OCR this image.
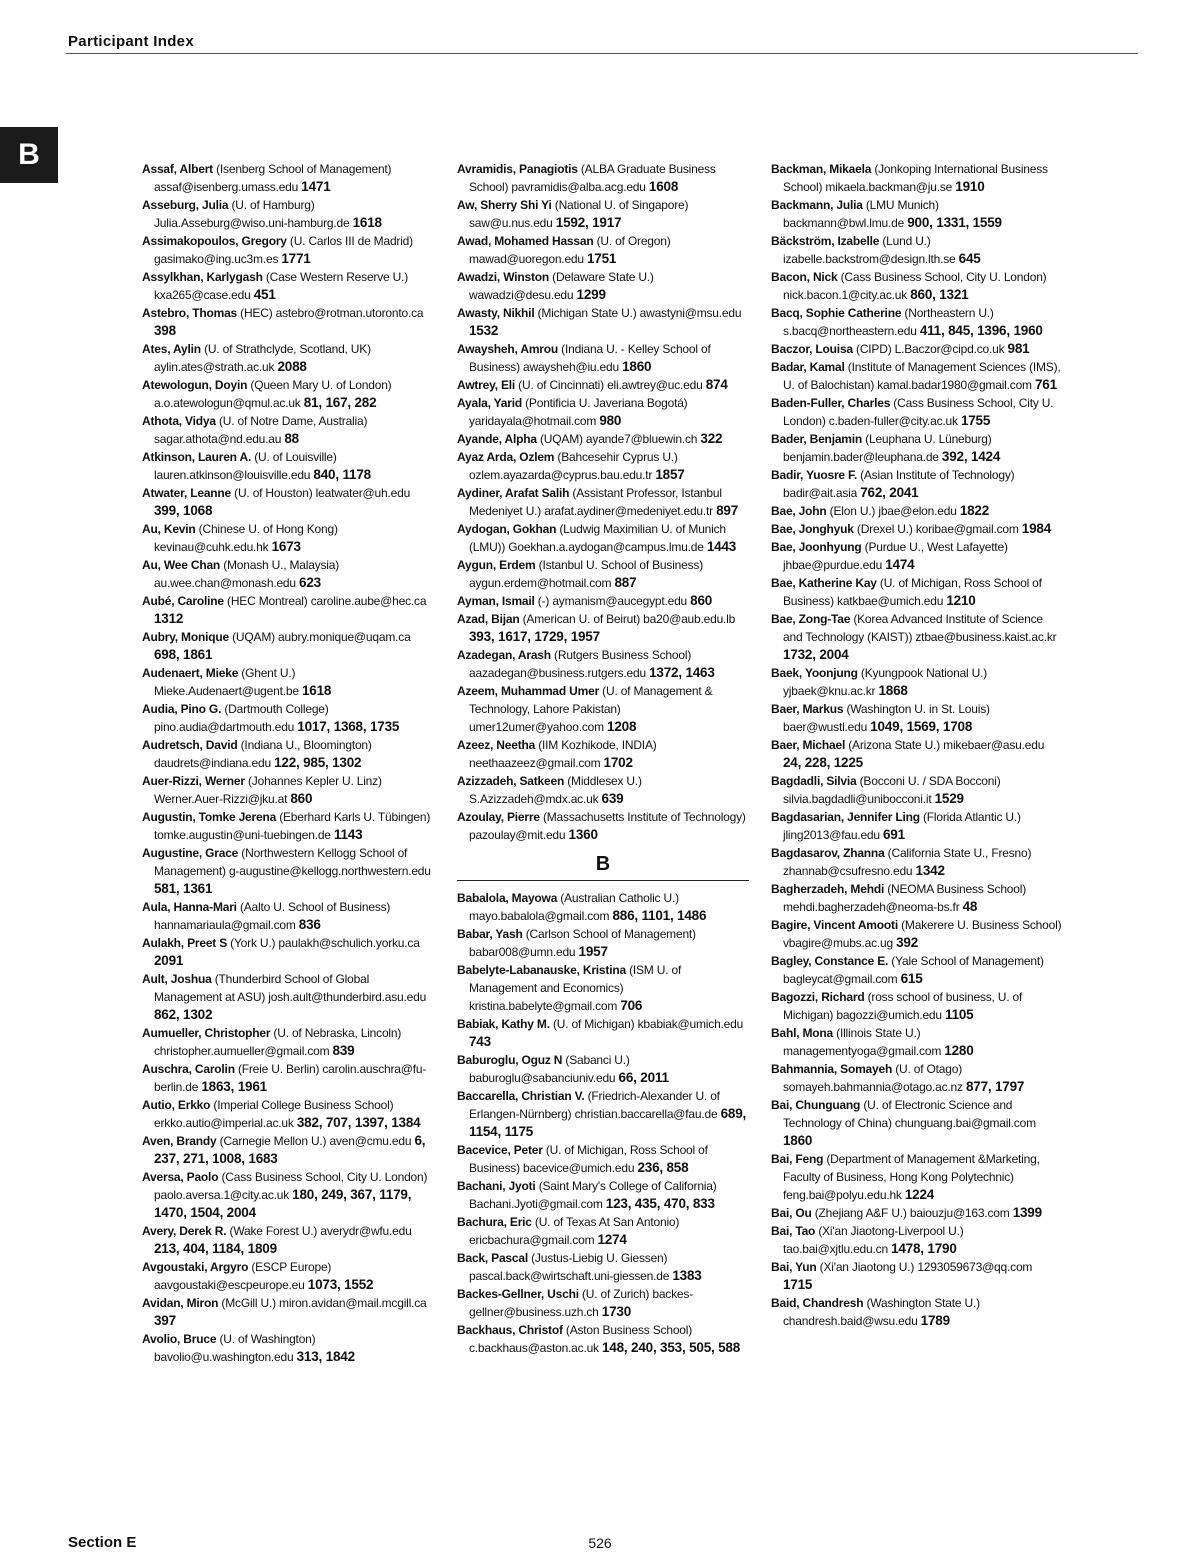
Participant Index
B	Assaf, Albert (Isenberg School of Management) assaf@isenberg.umass.edu 1471
Asseburg, Julia (U. of Hamburg) Julia.Asseburg@wiso.uni-hamburg.de 1618
Assimakopoulos, Gregory (U. Carlos III de Madrid) gasimako@ing.uc3m.es 1771
Assylkhan, Karlygash (Case Western Reserve U.) kxa265@case.edu 451
Astebro, Thomas (HEC) astebro@rotman.utoronto.ca 398
Ates, Aylin (U. of Strathclyde, Scotland, UK) aylin.ates@strath.ac.uk 2088
Atewologun, Doyin (Queen Mary U. of London) a.o.atewologun@qmul.ac.uk 81, 167, 282
Athota, Vidya (U. of Notre Dame, Australia) sagar.athota@nd.edu.au 88
Atkinson, Lauren A. (U. of Louisville) lauren.atkinson@louisville.edu 840, 1178
Atwater, Leanne (U. of Houston) leatwater@uh.edu 399, 1068
Au, Kevin (Chinese U. of Hong Kong) kevinau@cuhk.edu.hk 1673
Au, Wee Chan (Monash U., Malaysia) au.wee.chan@monash.edu 623
Aubé, Caroline (HEC Montreal) caroline.aube@hec.ca 1312
Aubry, Monique (UQAM) aubry.monique@uqam.ca 698, 1861
Audenaert, Mieke (Ghent U.) Mieke.Audenaert@ugent.be 1618
Audia, Pino G. (Dartmouth College) pino.audia@dartmouth.edu 1017, 1368, 1735
Audretsch, David (Indiana U., Bloomington) daudrets@indiana.edu 122, 985, 1302
Auer-Rizzi, Werner (Johannes Kepler U. Linz) Werner.Auer-Rizzi@jku.at 860
Augustin, Tomke Jerena (Eberhard Karls U. Tübingen) tomke.augustin@uni-tuebingen.de 1143
Augustine, Grace (Northwestern Kellogg School of Management) g-augustine@kellogg.northwestern.edu 581, 1361
Aula, Hanna-Mari (Aalto U. School of Business) hannamariaula@gmail.com 836
Aulakh, Preet S (York U.) paulakh@schulich.yorku.ca 2091
Ault, Joshua (Thunderbird School of Global Management at ASU) josh.ault@thunderbird.asu.edu 862, 1302
Aumueller, Christopher (U. of Nebraska, Lincoln) christopher.aumueller@gmail.com 839
Auschra, Carolin (Freie U. Berlin) carolin.auschra@fu-berlin.de 1863, 1961
Autio, Erkko (Imperial College Business School) erkko.autio@imperial.ac.uk 382, 707, 1397, 1384
Aven, Brandy (Carnegie Mellon U.) aven@cmu.edu 6, 237, 271, 1008, 1683
Aversa, Paolo (Cass Business School, City U. London) paolo.aversa.1@city.ac.uk 180, 249, 367, 1179, 1470, 1504, 2004
Avery, Derek R. (Wake Forest U.) averydr@wfu.edu 213, 404, 1184, 1809
Avgoustaki, Argyro (ESCP Europe) aavgoustaki@escpeurope.eu 1073, 1552
Avidan, Miron (McGill U.) miron.avidan@mail.mcgill.ca 397
Avolio, Bruce (U. of Washington) bavolio@u.washington.edu 313, 1842
Avramidis, Panagiotis (ALBA Graduate Business School) pavramidis@alba.acg.edu 1608
Aw, Sherry Shi Yi (National U. of Singapore) saw@u.nus.edu 1592, 1917
Awad, Mohamed Hassan (U. of Oregon) mawad@uoregon.edu 1751
Awadzi, Winston (Delaware State U.) wawadzi@desu.edu 1299
Awasty, Nikhil (Michigan State U.) awastyni@msu.edu 1532
Awaysheh, Amrou (Indiana U. - Kelley School of Business) awaysheh@iu.edu 1860
Awtrey, Eli (U. of Cincinnati) eli.awtrey@uc.edu 874
Ayala, Yarid (Pontificia U. Javeriana Bogotá) yaridayala@hotmail.com 980
Ayande, Alpha (UQAM) ayande7@bluewin.ch 322
Ayaz Arda, Ozlem (Bahcesehir Cyprus U.) ozlem.ayazarda@cyprus.bau.edu.tr 1857
Aydiner, Arafat Salih (Assistant Professor, Istanbul Medeniyet U.) arafat.aydiner@medeniyet.edu.tr 897
Aydogan, Gokhan (Ludwig Maximilian U. of Munich (LMU)) Goekhan.a.aydogan@campus.lmu.de 1443
Aygun, Erdem (Istanbul U. School of Business) aygun.erdem@hotmail.com 887
Ayman, Ismail (-) aymanism@aucegypt.edu 860
Azad, Bijan (American U. of Beirut) ba20@aub.edu.lb 393, 1617, 1729, 1957
Azadegan, Arash (Rutgers Business School) aazadegan@business.rutgers.edu 1372, 1463
Azeem, Muhammad Umer (U. of Management & Technology, Lahore Pakistan) umer12umer@yahoo.com 1208
Azeez, Neetha (IIM Kozhikode, INDIA) neethaazeez@gmail.com 1702
Azizzadeh, Satkeen (Middlesex U.) S.Azizzadeh@mdx.ac.uk 639
Azoulay, Pierre (Massachusetts Institute of Technology) pazoulay@mit.edu 1360
B
Babalola, Mayowa (Australian Catholic U.) mayo.babalola@gmail.com 886, 1101, 1486
Babar, Yash (Carlson School of Management) babar008@umn.edu 1957
Babelyte-Labanauske, Kristina (ISM U. of Management and Economics) kristina.babelyte@gmail.com 706
Babiak, Kathy M. (U. of Michigan) kbabiak@umich.edu 743
Baburoglu, Oguz N (Sabanci U.) baburoglu@sabanciuniv.edu 66, 2011
Baccarella, Christian V. (Friedrich-Alexander U. of Erlangen-Nürnberg) christian.baccarella@fau.de 689, 1154, 1175
Bacevice, Peter (U. of Michigan, Ross School of Business) bacevice@umich.edu 236, 858
Bachani, Jyoti (Saint Mary's College of California) Bachani.Jyoti@gmail.com 123, 435, 470, 833
Bachura, Eric (U. of Texas At San Antonio) ericbachura@gmail.com 1274
Back, Pascal (Justus-Liebig U. Giessen) pascal.back@wirtschaft.uni-giessen.de 1383
Backes-Gellner, Uschi (U. of Zurich) backes-gellner@business.uzh.ch 1730
Backhaus, Christof (Aston Business School) c.backhaus@aston.ac.uk 148, 240, 353, 505, 588
Backman, Mikaela (Jonkoping International Business School) mikaela.backman@ju.se 1910
Backmann, Julia (LMU Munich) backmann@bwl.lmu.de 900, 1331, 1559
Bäckström, Izabelle (Lund U.) izabelle.backstrom@design.lth.se 645
Bacon, Nick (Cass Business School, City U. London) nick.bacon.1@city.ac.uk 860, 1321
Bacq, Sophie Catherine (Northeastern U.) s.bacq@northeastern.edu 411, 845, 1396, 1960
Baczor, Louisa (CIPD) L.Baczor@cipd.co.uk 981
Badar, Kamal (Institute of Management Sciences (IMS), U. of Balochistan) kamal.badar1980@gmail.com 761
Baden-Fuller, Charles (Cass Business School, City U. London) c.baden-fuller@city.ac.uk 1755
Bader, Benjamin (Leuphana U. Lüneburg) benjamin.bader@leuphana.de 392, 1424
Badir, Yuosre F. (Asian Institute of Technology) badir@ait.asia 762, 2041
Bae, John (Elon U.) jbae@elon.edu 1822
Bae, Jonghyuk (Drexel U.) koribae@gmail.com 1984
Bae, Joonhyung (Purdue U., West Lafayette) jhbae@purdue.edu 1474
Bae, Katherine Kay (U. of Michigan, Ross School of Business) katkbae@umich.edu 1210
Bae, Zong-Tae (Korea Advanced Institute of Science and Technology (KAIST)) ztbae@business.kaist.ac.kr 1732, 2004
Baek, Yoonjung (Kyungpook National U.) yjbaek@knu.ac.kr 1868
Baer, Markus (Washington U. in St. Louis) baer@wustl.edu 1049, 1569, 1708
Baer, Michael (Arizona State U.) mikebaer@asu.edu 24, 228, 1225
Bagdadli, Silvia (Bocconi U. / SDA Bocconi) silvia.bagdadli@unibocconi.it 1529
Bagdasarian, Jennifer Ling (Florida Atlantic U.) jling2013@fau.edu 691
Bagdasarov, Zhanna (California State U., Fresno) zhannab@csufresno.edu 1342
Bagherzadeh, Mehdi (NEOMA Business School) mehdi.bagherzadeh@neoma-bs.fr 48
Bagire, Vincent Amooti (Makerere U. Business School) vbagire@mubs.ac.ug 392
Bagley, Constance E. (Yale School of Management) bagleycat@gmail.com 615
Bagozzi, Richard (ross school of business, U. of Michigan) bagozzi@umich.edu 1105
Bahl, Mona (Illinois State U.) managementyoga@gmail.com 1280
Bahmannia, Somayeh (U. of Otago) somayeh.bahmannia@otago.ac.nz 877, 1797
Bai, Chunguang (U. of Electronic Science and Technology of China) chunguang.bai@gmail.com 1860
Bai, Feng (Department of Management &Marketing, Faculty of Business, Hong Kong Polytechnic) feng.bai@polyu.edu.hk 1224
Bai, Ou (Zhejiang A&F U.) baiouzju@163.com 1399
Bai, Tao (Xi'an Jiaotong-Liverpool U.) tao.bai@xjtlu.edu.cn 1478, 1790
Bai, Yun (Xi'an Jiaotong U.) 1293059673@qq.com 1715
Baid, Chandresh (Washington State U.) chandresh.baid@wsu.edu 1789
Section E	526
